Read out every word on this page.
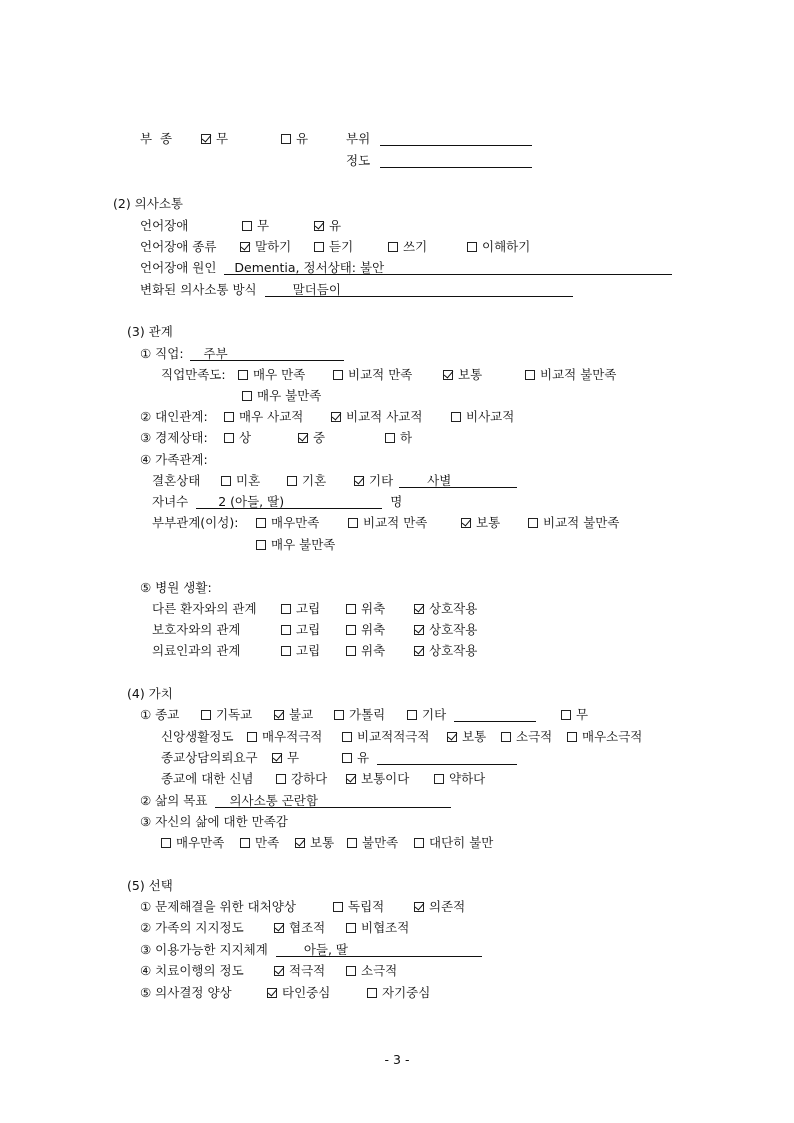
부  종	무	유	부위
정도
(2) 의사소통
언어장애	무	유
언어장애 종류	말하기	듣기	쓰기	이해하기
언어장애 원인 Dementia, 정서상태: 불안
변화된 의사소통 방식	말더듬이
(3) 관계
① 직업: 주부
직업만족도:	매우 만족	비교적 만족	보통	비교적 불만족
매우 불만족
② 대인관계:	매우 사교적	비교적 사교적	비사교적
③ 경제상태:	상	중	하
④ 가족관계:
결혼상태	미혼	기혼	기타	사별
자녀수 2 (아들, 딸)	명
부부관계(이성):	매우만족	비교적 만족	보통	비교적 불만족
매우 불만족
⑤ 병원 생활:
다른 환자와의 관계	고립	위축	상호작용
보호자와의 관계	고립	위축	상호작용
의료인과의 관계	고립	위축	상호작용
(4) 가치
① 종교	기독교	불교	가톨릭	기타	무
신앙생활정도	매우적극적	비교적적극적	보통	소극적	매우소극적
종교상담의뢰요구	무	유
종교에 대한 신념	강하다	보통이다	약하다
② 삶의 목표 의사소통 곤란함
③ 자신의 삶에 대한 만족감
매우만족	만족	보통	불만족	대단히 불만
(5) 선택
① 문제해결을 위한 대처양상	독립적	의존적
② 가족의 지지정도	협조적	비협조적
③ 이용가능한 지지체계	아들, 딸
④ 치료이행의 정도	적극적	소극적
⑤ 의사결정 양상	타인중심	자기중심
- 3 -
